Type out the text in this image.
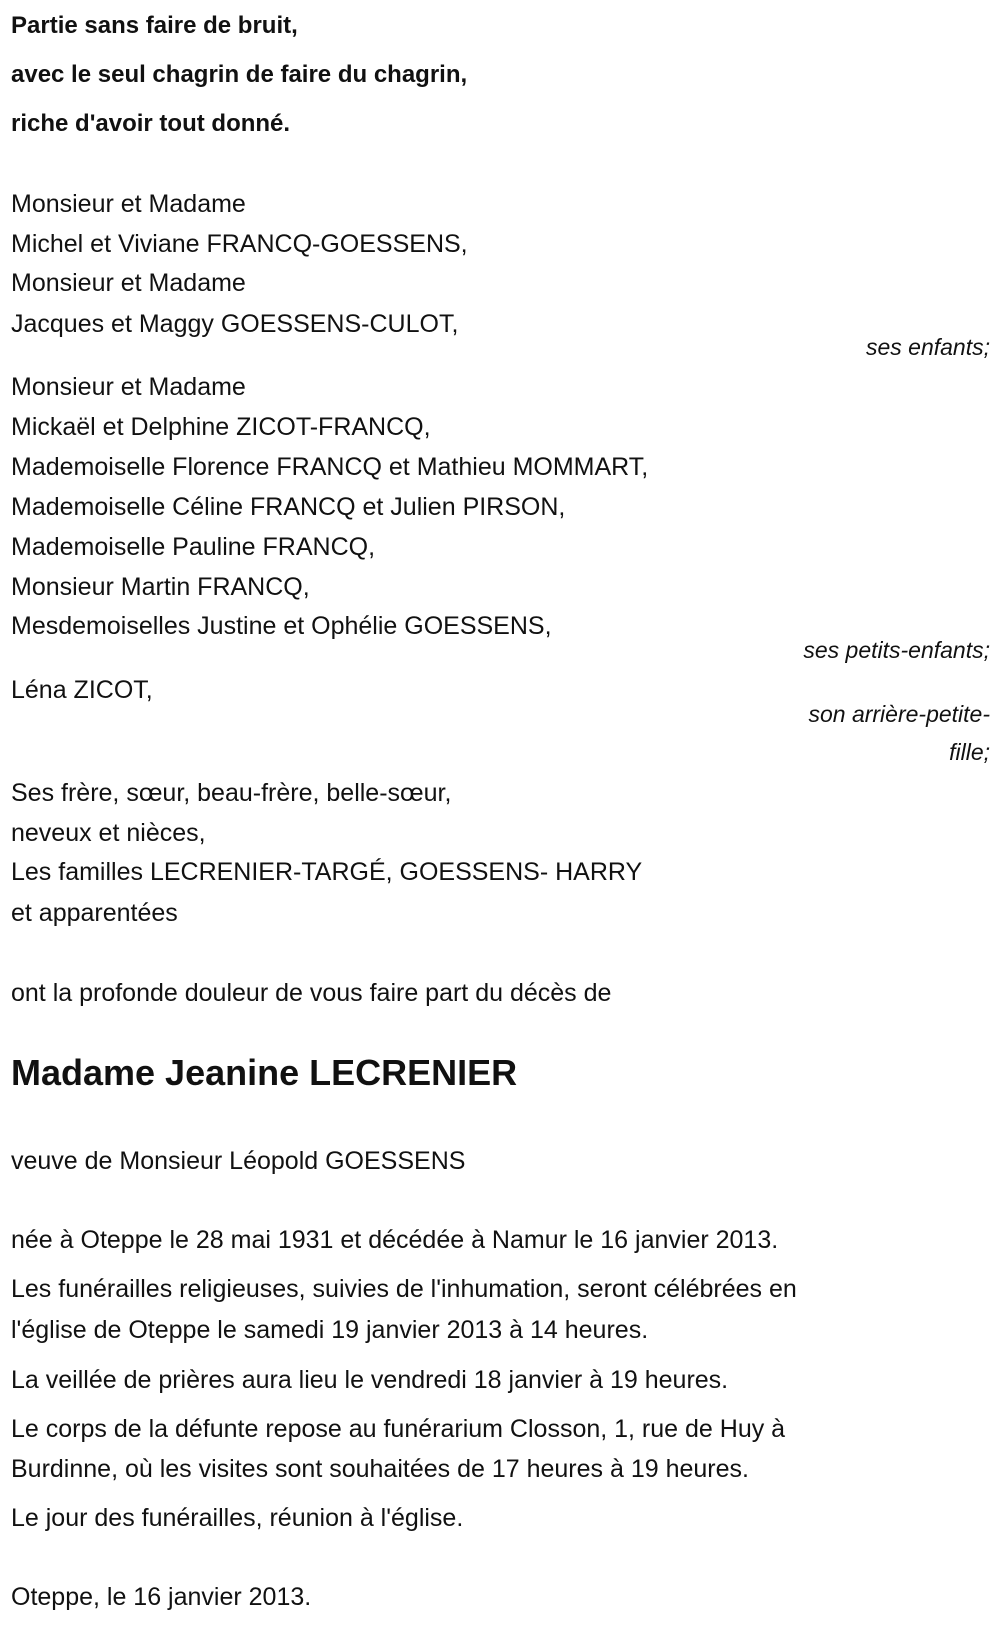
Partie sans faire de bruit,
avec le seul chagrin de faire du chagrin,
riche d'avoir tout donné.
Monsieur et Madame
Michel et Viviane FRANCQ-GOESSENS,
Monsieur et Madame
Jacques et Maggy GOESSENS-CULOT,
ses enfants;
Monsieur et Madame
Mickaël et Delphine ZICOT-FRANCQ,
Mademoiselle Florence FRANCQ et Mathieu MOMMART,
Mademoiselle Céline FRANCQ et Julien PIRSON,
Mademoiselle Pauline FRANCQ,
Monsieur Martin FRANCQ,
Mesdemoiselles Justine et Ophélie GOESSENS,
ses petits-enfants;
Léna ZICOT,
son arrière-petite-
fille;
Ses frère, sœur, beau-frère, belle-sœur,
neveux et nièces,
Les familles LECRENIER-TARGÉ, GOESSENS- HARRY
et apparentées
ont la profonde douleur de vous faire part du décès de
Madame Jeanine LECRENIER
veuve de Monsieur Léopold GOESSENS
née à Oteppe le 28 mai 1931 et décédée à Namur le 16 janvier 2013.
Les funérailles religieuses, suivies de l'inhumation, seront célébrées en
l'église de Oteppe le samedi 19 janvier 2013 à 14 heures.
La veillée de prières aura lieu le vendredi 18 janvier à 19 heures.
Le corps de la défunte repose au funérarium Closson, 1, rue de Huy à
Burdinne, où les visites sont souhaitées de 17 heures à 19 heures.
Le jour des funérailles, réunion à l'église.
Oteppe, le 16 janvier 2013.
